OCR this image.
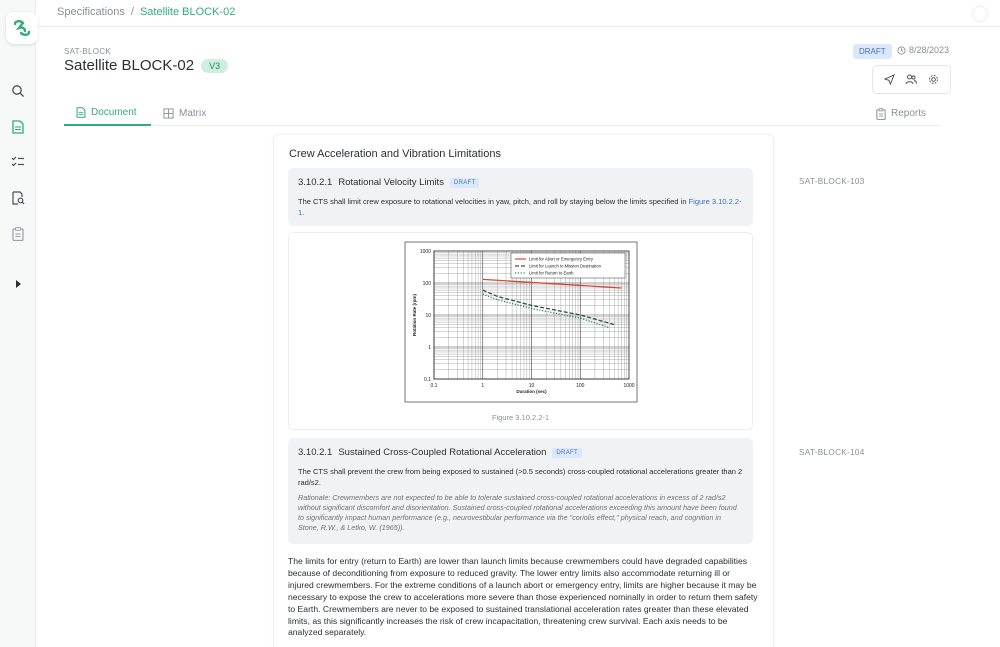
Specifications / Satellite BLOCK-02
SAT-BLOCK
Satellite BLOCK-02	V3
DRAFT	8/28/2023
Document	Matrix	Reports
Crew Acceleration and Vibration Limitations
3.10.2.1 Rotational Velocity Limits	DRAFT
The CTS shall limit crew exposure to rotational velocities in yaw, pitch, and roll by staying below the limits specified in Figure 3.10.2.2-1.
0.1	1	10	100	1000
1000
100
10
1
0.1
Duration (sec)
Rotation Rate (rpm)
Limit for Abort or Emergency Entry
Limit for Launch to Mission Destination
Limit for Return to Earth
Figure 3.10.2.2-1
3.10.2.1 Sustained Cross-Coupled Rotational Acceleration	DRAFT
The CTS shall prevent the crew from being exposed to sustained (>0.5 seconds) cross-coupled rotational accelerations greater than 2 rad/s2.
Rationale: Crewmembers are not expected to be able to tolerate sustained cross-coupled rotational accelerations in excess of 2 rad/s2 without significant discomfort and disorientation. Sustained cross-coupled rotational accelerations exceeding this amount have been found to significantly impact human performance (e.g., neurovestibular performance via the "coriolis effect," physical reach, and cognition in Stone, R.W., & Letko, W. (1965)).
The limits for entry (return to Earth) are lower than launch limits because crewmembers could have degraded capabilities because of deconditioning from exposure to reduced gravity. The lower entry limits also accommodate returning ill or injured crewmembers. For the extreme conditions of a launch abort or emergency entry, limits are higher because it may be necessary to expose the crew to accelerations more severe than those experienced nominally in order to return them safety to Earth. Crewmembers are never to be exposed to sustained translational acceleration rates greater than these elevated limits, as this significantly increases the risk of crew incapacitation, threatening crew survival. Each axis needs to be analyzed separately.
SAT-BLOCK-103
SAT-BLOCK-104
